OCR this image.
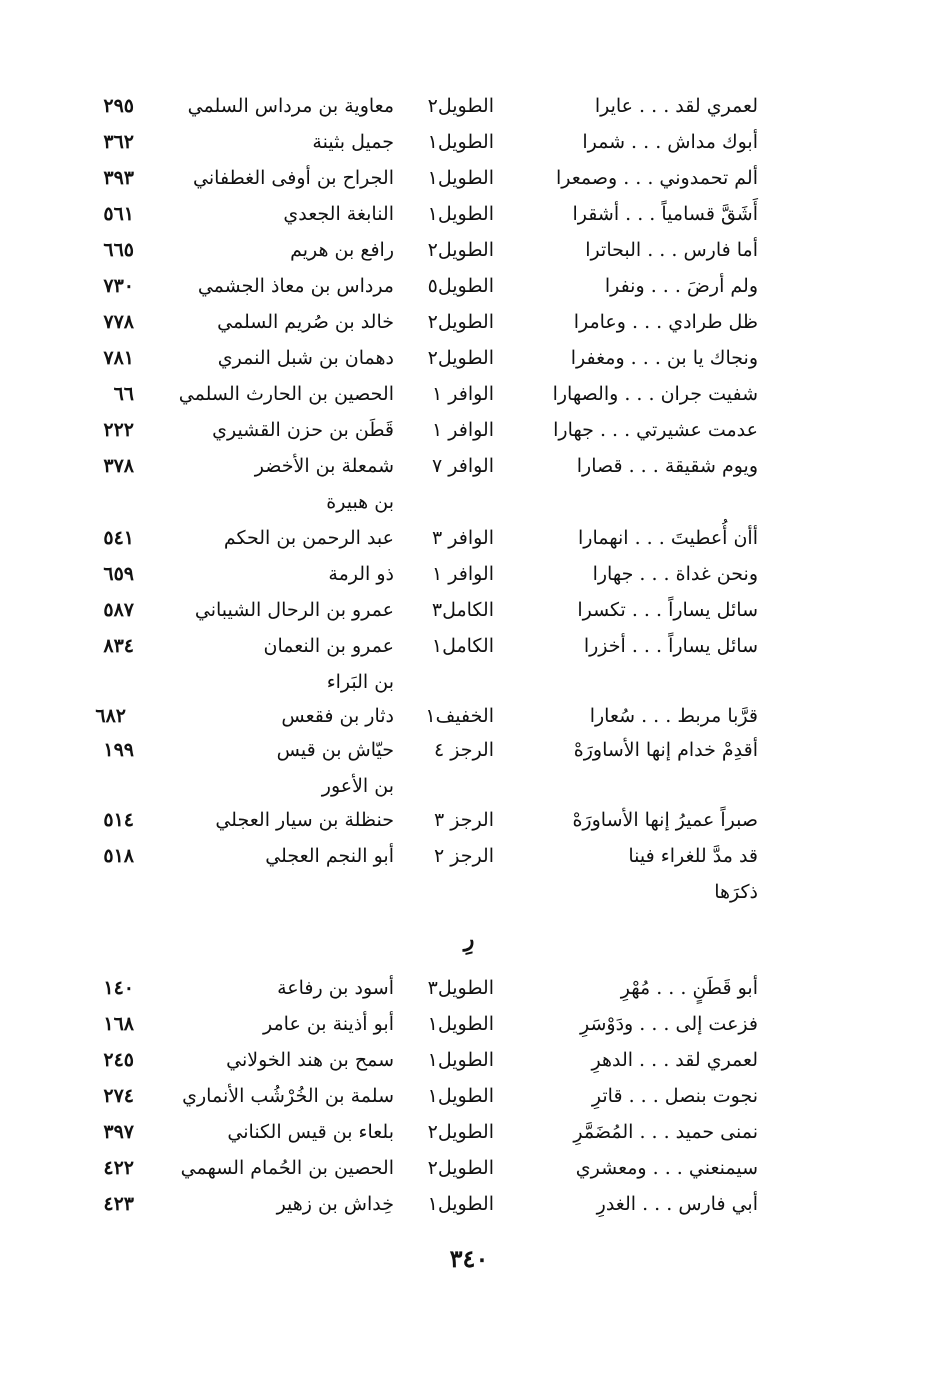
لعمري لقد . . . عايرا
الطويل٢
معاوية بن مرداس السلمي
٢٩٥
أبوك مداش . . . شمرا
الطويل١
جميل بثينة
٣٦٢
ألم تحمدوني . . . وصمعرا
الطويل١
الجراح بن أوفى الغطفاني
٣٩٣
أَشَقَّ قسامياً . . . أشقرا
الطويل١
النابغة الجعدي
٥٦١
أما فارس . . . البحاترا
الطويل٢
رافع بن هريم
٦٦٥
ولم أرضَ . . . ونفرا
الطويل٥
مرداس بن معاذ الجشمي
٧٣٠
ظل طرادي . . . وعامرا
الطويل٢
خالد بن صُريم السلمي
٧٧٨
ونجاك يا بن . . . ومغفرا
الطويل٢
دهمان بن شبل النمري
٧٨١
شفيت جران . . . والصهارا
الوافر ١
الحصين بن الحارث السلمي
٦٦
عدمت عشيرتي . . . جهارا
الوافر ١
قَطَن بن حزن القشيري
٢٢٢
ويوم شقيقة . . . قصارا
الوافر ٧
شمعلة بن الأخضر
٣٧٨
بن هبيرة
أأن أُعطيتَ . . . انهمارا
الوافر ٣
عبد الرحمن بن الحكم
٥٤١
ونحن غداة . . . جهارا
الوافر ١
ذو الرمة
٦٥٩
سائل يساراً . . . تكسرا
الكامل٣
عمرو بن الرحال الشيباني
٥٨٧
سائل يساراً . . . أخزرا
الكامل١
عمرو بن النعمان
٨٣٤
بن البَراء
قرَّبا مربط . . . سُعارا
الخفيف١
دثار بن فقعس
٦٨٢
أقدِمْ خدام إنها الأساورَهْ
الرجز ٤
حيّاش بن قيس
١٩٩
بن الأعور
صبراً عميرُ إنها الأساورَهْ
الرجز ٣
حنظلة بن سيار العجلي
٥١٤
قد مدَّ للغراء فينا
الرجز ٢
أبو النجم العجلي
٥١٨
ذكرَها
رِ
أبو قَطَنٍ . . . مُهْرِ
الطويل٣
أسود بن رفاعة
١٤٠
فزعت إلى . . . ودَوْسَرِ
الطويل١
أبو أذينة بن عامر
١٦٨
لعمري لقد . . . الدهرِ
الطويل١
سمح بن هند الخولاني
٢٤٥
نجوت بنصل . . . قاترِ
الطويل١
سلمة بن الخُرْشُب الأنماري
٢٧٤
نمنى حميد . . . المُضَمَّرِ
الطويل٢
بلعاء بن قيس الكناني
٣٩٧
سيمنعني . . . ومعشري
الطويل٢
الحصين بن الحُمام السهمي
٤٢٢
أبي فارس . . . الغدرِ
الطويل١
خِداش بن زهير
٤٢٣
٣٤٠
